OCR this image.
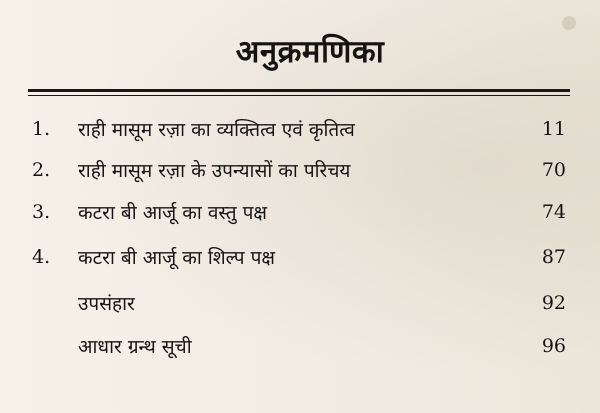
अनुक्रमणिका
1. राही मासूम रज़ा का व्यक्तित्व एवं कृतित्व	11
2. राही मासूम रज़ा के उपन्यासों का परिचय	70
3. कटरा बी आर्जू का वस्तु पक्ष	74
4. कटरा बी आर्जू का शिल्प पक्ष	87
उपसंहार	92
आधार ग्रन्थ सूची	96
